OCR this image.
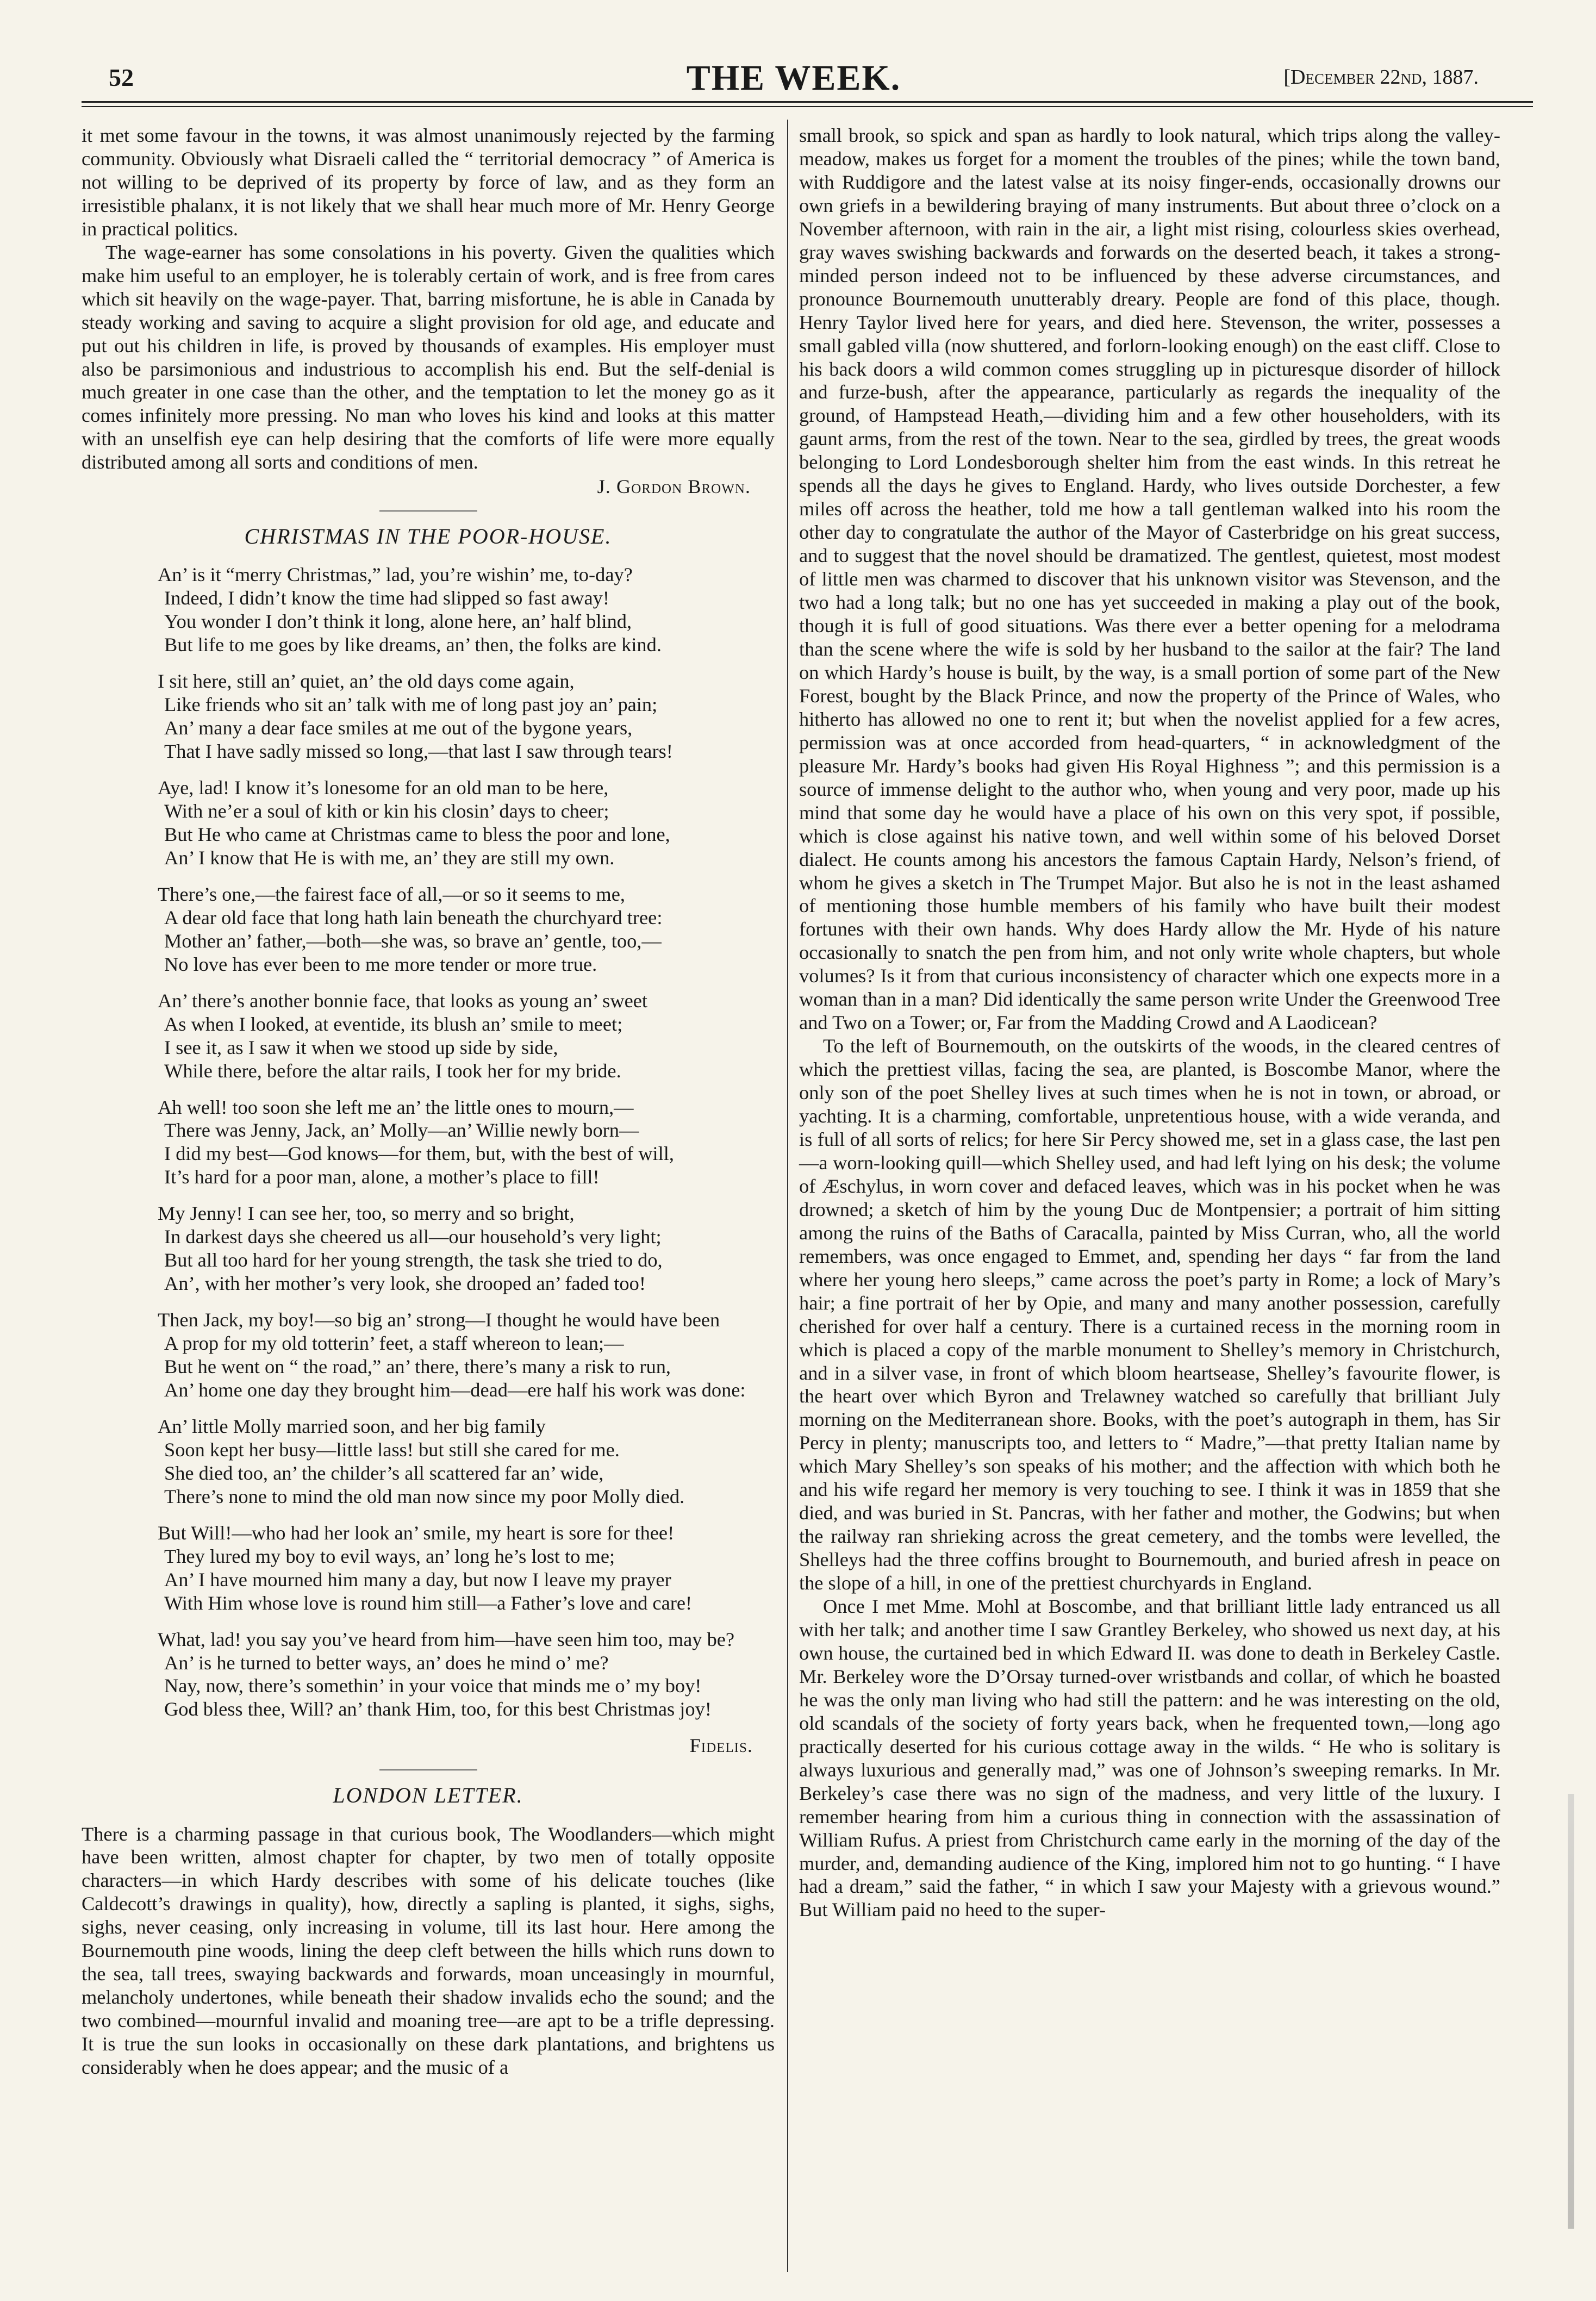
52	THE WEEK.	[December 22nd, 1887.

it met some favour in the towns, it was almost unanimously rejected by the farming community. Obviously what Disraeli called the “ territorial democracy ” of America is not willing to be deprived of its property by force of law, and as they form an irresistible phalanx, it is not likely that we shall hear much more of Mr. Henry George in practical politics.

The wage-earner has some consolations in his poverty. Given the qualities which make him useful to an employer, he is tolerably certain of work, and is free from cares which sit heavily on the wage-payer. That, barring misfortune, he is able in Canada by steady working and saving to acquire a slight provision for old age, and educate and put out his children in life, is proved by thousands of examples. His employer must also be parsimonious and industrious to accomplish his end. But the self-denial is much greater in one case than the other, and the temptation to let the money go as it comes infinitely more pressing. No man who loves his kind and looks at this matter with an unselfish eye can help desiring that the comforts of life were more equally distributed among all sorts and conditions of men.

J. Gordon Brown.
CHRISTMAS IN THE POOR-HOUSE.
An’ is it “merry Christmas,” lad, you’re wishin’ me, to-day?
Indeed, I didn’t know the time had slipped so fast away!
You wonder I don’t think it long, alone here, an’ half blind,
But life to me goes by like dreams, an’ then, the folks are kind.
I sit here, still an’ quiet, an’ the old days come again,
Like friends who sit an’ talk with me of long past joy an’ pain;
An’ many a dear face smiles at me out of the bygone years,
That I have sadly missed so long,—that last I saw through tears!
Aye, lad! I know it’s lonesome for an old man to be here,
With ne’er a soul of kith or kin his closin’ days to cheer;
But He who came at Christmas came to bless the poor and lone,
An’ I know that He is with me, an’ they are still my own.
There’s one,—the fairest face of all,—or so it seems to me,
A dear old face that long hath lain beneath the churchyard tree:
Mother an’ father,—both—she was, so brave an’ gentle, too,—
No love has ever been to me more tender or more true.
An’ there’s another bonnie face, that looks as young an’ sweet
As when I looked, at eventide, its blush an’ smile to meet;
I see it, as I saw it when we stood up side by side,
While there, before the altar rails, I took her for my bride.
Ah well! too soon she left me an’ the little ones to mourn,—
There was Jenny, Jack, an’ Molly—an’ Willie newly born—
I did my best—God knows—for them, but, with the best of will,
It’s hard for a poor man, alone, a mother’s place to fill!
My Jenny! I can see her, too, so merry and so bright,
In darkest days she cheered us all—our household’s very light;
But all too hard for her young strength, the task she tried to do,
An’, with her mother’s very look, she drooped an’ faded too!
Then Jack, my boy!—so big an’ strong—I thought he would have been
A prop for my old totterin’ feet, a staff whereon to lean;—
But he went on “ the road,” an’ there, there’s many a risk to run,
An’ home one day they brought him—dead—ere half his work was done:
An’ little Molly married soon, and her big family
Soon kept her busy—little lass! but still she cared for me.
She died too, an’ the childer’s all scattered far an’ wide,
There’s none to mind the old man now since my poor Molly died.
But Will!—who had her look an’ smile, my heart is sore for thee!
They lured my boy to evil ways, an’ long he’s lost to me;
An’ I have mourned him many a day, but now I leave my prayer
With Him whose love is round him still—a Father’s love and care!
What, lad! you say you’ve heard from him—have seen him too, may be?
An’ is he turned to better ways, an’ does he mind o’ me?
Nay, now, there’s somethin’ in your voice that minds me o’ my boy!
God bless thee, Will? an’ thank Him, too, for this best Christmas joy!
Fidelis.
LONDON LETTER.

There is a charming passage in that curious book, The Woodlanders—which might have been written, almost chapter for chapter, by two men of totally opposite characters—in which Hardy describes with some of his delicate touches (like Caldecott’s drawings in quality), how, directly a sapling is planted, it sighs, sighs, sighs, never ceasing, only increasing in volume, till its last hour. Here among the Bournemouth pine woods, lining the deep cleft between the hills which runs down to the sea, tall trees, swaying backwards and forwards, moan unceasingly in mournful, melancholy undertones, while beneath their shadow invalids echo the sound; and the two combined—mournful invalid and moaning tree—are apt to be a trifle depressing. It is true the sun looks in occasionally on these dark plantations, and brightens us considerably when he does appear; and the music of a

small brook, so spick and span as hardly to look natural, which trips along the valley-meadow, makes us forget for a moment the troubles of the pines; while the town band, with Ruddigore and the latest valse at its noisy finger-ends, occasionally drowns our own griefs in a bewildering braying of many instruments. But about three o’clock on a November afternoon, with rain in the air, a light mist rising, colourless skies overhead, gray waves swishing backwards and forwards on the deserted beach, it takes a strong-minded person indeed not to be influenced by these adverse circumstances, and pronounce Bournemouth unutterably dreary. People are fond of this place, though. Henry Taylor lived here for years, and died here. Stevenson, the writer, possesses a small gabled villa (now shuttered, and forlorn-looking enough) on the east cliff. Close to his back doors a wild common comes struggling up in picturesque disorder of hillock and furze-bush, after the appearance, particularly as regards the inequality of the ground, of Hampstead Heath,—dividing him and a few other householders, with its gaunt arms, from the rest of the town. Near to the sea, girdled by trees, the great woods belonging to Lord Londesborough shelter him from the east winds. In this retreat he spends all the days he gives to England. Hardy, who lives outside Dorchester, a few miles off across the heather, told me how a tall gentleman walked into his room the other day to congratulate the author of the Mayor of Casterbridge on his great success, and to suggest that the novel should be dramatized. The gentlest, quietest, most modest of little men was charmed to discover that his unknown visitor was Stevenson, and the two had a long talk; but no one has yet succeeded in making a play out of the book, though it is full of good situations. Was there ever a better opening for a melodrama than the scene where the wife is sold by her husband to the sailor at the fair? The land on which Hardy’s house is built, by the way, is a small portion of some part of the New Forest, bought by the Black Prince, and now the property of the Prince of Wales, who hitherto has allowed no one to rent it; but when the novelist applied for a few acres, permission was at once accorded from head-quarters, “ in acknowledgment of the pleasure Mr. Hardy’s books had given His Royal Highness ”; and this permission is a source of immense delight to the author who, when young and very poor, made up his mind that some day he would have a place of his own on this very spot, if possible, which is close against his native town, and well within some of his beloved Dorset dialect. He counts among his ancestors the famous Captain Hardy, Nelson’s friend, of whom he gives a sketch in The Trumpet Major. But also he is not in the least ashamed of mentioning those humble members of his family who have built their modest fortunes with their own hands. Why does Hardy allow the Mr. Hyde of his nature occasionally to snatch the pen from him, and not only write whole chapters, but whole volumes? Is it from that curious inconsistency of character which one expects more in a woman than in a man? Did identically the same person write Under the Greenwood Tree and Two on a Tower; or, Far from the Madding Crowd and A Laodicean?

To the left of Bournemouth, on the outskirts of the woods, in the cleared centres of which the prettiest villas, facing the sea, are planted, is Boscombe Manor, where the only son of the poet Shelley lives at such times when he is not in town, or abroad, or yachting. It is a charming, comfortable, unpretentious house, with a wide veranda, and is full of all sorts of relics; for here Sir Percy showed me, set in a glass case, the last pen—a worn-looking quill—which Shelley used, and had left lying on his desk; the volume of Æschylus, in worn cover and defaced leaves, which was in his pocket when he was drowned; a sketch of him by the young Duc de Montpensier; a portrait of him sitting among the ruins of the Baths of Caracalla, painted by Miss Curran, who, all the world remembers, was once engaged to Emmet, and, spending her days “ far from the land where her young hero sleeps,” came across the poet’s party in Rome; a lock of Mary’s hair; a fine portrait of her by Opie, and many and many another possession, carefully cherished for over half a century. There is a curtained recess in the morning room in which is placed a copy of the marble monument to Shelley’s memory in Christchurch, and in a silver vase, in front of which bloom heartsease, Shelley’s favourite flower, is the heart over which Byron and Trelawney watched so carefully that brilliant July morning on the Mediterranean shore. Books, with the poet’s autograph in them, has Sir Percy in plenty; manuscripts too, and letters to “ Madre,”—that pretty Italian name by which Mary Shelley’s son speaks of his mother; and the affection with which both he and his wife regard her memory is very touching to see. I think it was in 1859 that she died, and was buried in St. Pancras, with her father and mother, the Godwins; but when the railway ran shrieking across the great cemetery, and the tombs were levelled, the Shelleys had the three coffins brought to Bournemouth, and buried afresh in peace on the slope of a hill, in one of the prettiest churchyards in England.

Once I met Mme. Mohl at Boscombe, and that brilliant little lady entranced us all with her talk; and another time I saw Grantley Berkeley, who showed us next day, at his own house, the curtained bed in which Edward II. was done to death in Berkeley Castle. Mr. Berkeley wore the D’Orsay turned-over wristbands and collar, of which he boasted he was the only man living who had still the pattern: and he was interesting on the old, old scandals of the society of forty years back, when he frequented town,—long ago practically deserted for his curious cottage away in the wilds. “ He who is solitary is always luxurious and generally mad,” was one of Johnson’s sweeping remarks. In Mr. Berkeley’s case there was no sign of the madness, and very little of the luxury. I remember hearing from him a curious thing in connection with the assassination of William Rufus. A priest from Christchurch came early in the morning of the day of the murder, and, demanding audience of the King, implored him not to go hunting. “ I have had a dream,” said the father, “ in which I saw your Majesty with a grievous wound.” But William paid no heed to the super-
